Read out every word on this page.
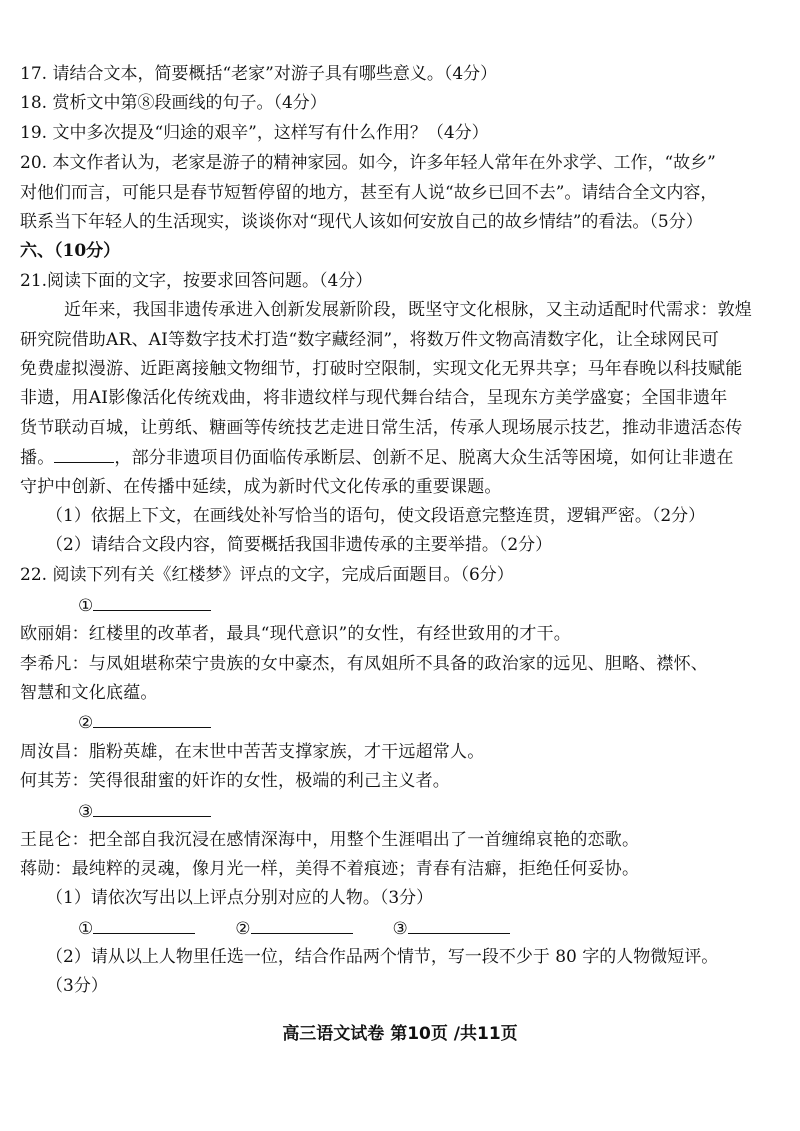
17. 请结合文本，简要概括“老家”对游子具有哪些意义。（4分）
18. 赏析文中第⑧段画线的句子。（4分）
19. 文中多次提及“归途的艰辛”，这样写有什么作用？（4分）
20. 本文作者认为，老家是游子的精神家园。如今，许多年轻人常年在外求学、工作，“故乡”
对他们而言，可能只是春节短暂停留的地方，甚至有人说“故乡已回不去”。请结合全文内容，
联系当下年轻人的生活现实，谈谈你对“现代人该如何安放自己的故乡情结”的看法。（5分）
六、（10分）
21.阅读下面的文字，按要求回答问题。（4分）
近年来，我国非遗传承进入创新发展新阶段，既坚守文化根脉，又主动适配时代需求：敦煌
研究院借助AR、AI等数字技术打造“数字藏经洞”，将数万件文物高清数字化，让全球网民可
免费虚拟漫游、近距离接触文物细节，打破时空限制，实现文化无界共享；马年春晚以科技赋能
非遗，用AI影像活化传统戏曲，将非遗纹样与现代舞台结合，呈现东方美学盛宴；全国非遗年
货节联动百城，让剪纸、糖画等传统技艺走进日常生活，传承人现场展示技艺，推动非遗活态传
播。	，部分非遗项目仍面临传承断层、创新不足、脱离大众生活等困境，如何让非遗在
守护中创新、在传播中延续，成为新时代文化传承的重要课题。
（1）依据上下文，在画线处补写恰当的语句，使文段语意完整连贯，逻辑严密。（2分）
（2）请结合文段内容，简要概括我国非遗传承的主要举措。（2分）
22. 阅读下列有关《红楼梦》评点的文字，完成后面题目。（6分）
①
欧丽娟：红楼里的改革者，最具“现代意识”的女性，有经世致用的才干。
李希凡：与凤姐堪称荣宁贵族的女中豪杰，有凤姐所不具备的政治家的远见、胆略、襟怀、
智慧和文化底蕴。
②
周汝昌：脂粉英雄，在末世中苦苦支撑家族，才干远超常人。
何其芳：笑得很甜蜜的奸诈的女性，极端的利己主义者。
③
王昆仑：把全部自我沉浸在感情深海中，用整个生涯唱出了一首缠绵哀艳的恋歌。
蒋勋：最纯粹的灵魂，像月光一样，美得不着痕迹；青春有洁癖，拒绝任何妥协。
（1）请依次写出以上评点分别对应的人物。（3分）
①	②	③
（2）请从以上人物里任选一位，结合作品两个情节，写一段不少于 80 字的人物微短评。
（3分）
高三语文试卷 第10页 /共11页
